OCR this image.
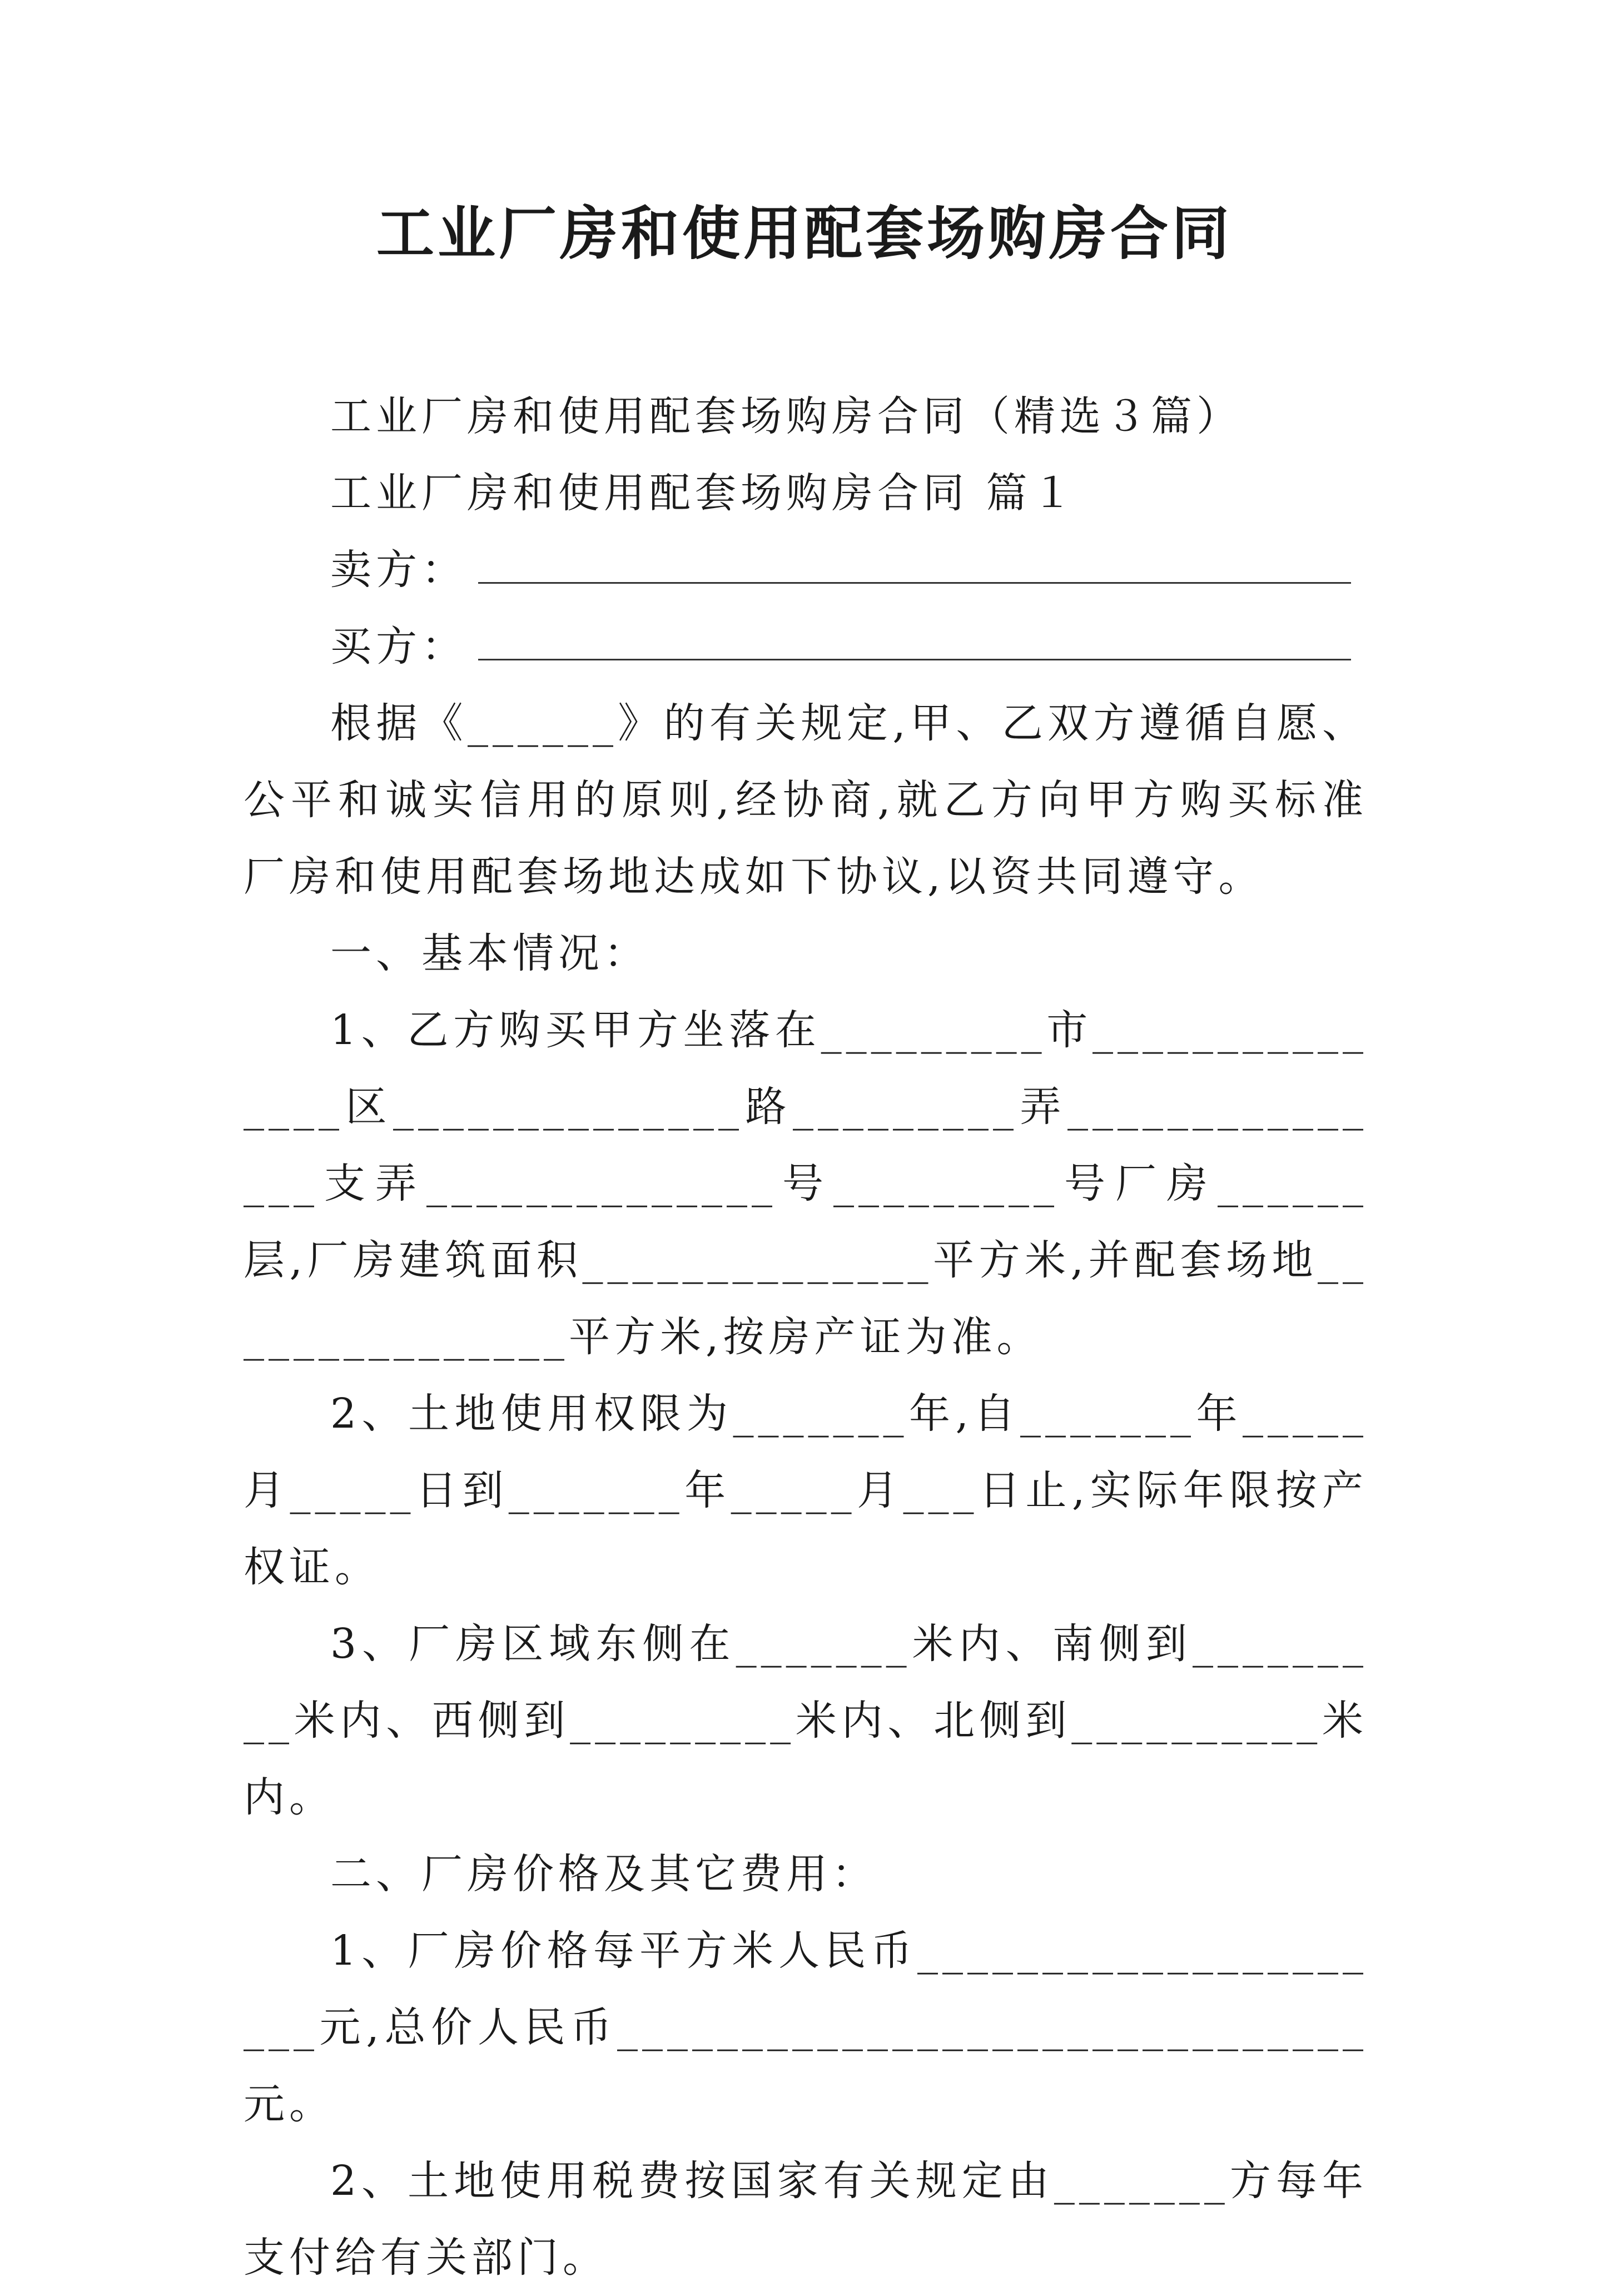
工业厂房和使用配套场购房合同

工业厂房和使用配套场购房合同（精选３篇）

工业厂房和使用配套场购房合同 篇１

卖方：
买方：

根据《______》的有关规定,甲、乙双方遵循自愿、公平和诚实信用的原则,经协商,就乙方向甲方购买标准厂房和使用配套场地达成如下协议,以资共同遵守。

一、基本情况：

1、乙方购买甲方坐落在_________市_______________区______________路_________弄_______________支弄______________号_________号厂房______层,厂房建筑面积______________平方米,并配套场地_______________平方米,按房产证为准。

2、土地使用权限为_______年,自_______年_____月_____日到_______年_____月___日止,实际年限按产权证。

3、厂房区域东侧在_______米内、南侧到_________米内、西侧到_________米内、北侧到__________米内。

二、厂房价格及其它费用：

1、厂房价格每平方米人民币_____________________元,总价人民币______________________________元。

2、土地使用税费按国家有关规定由_______方每年支付给有关部门。
